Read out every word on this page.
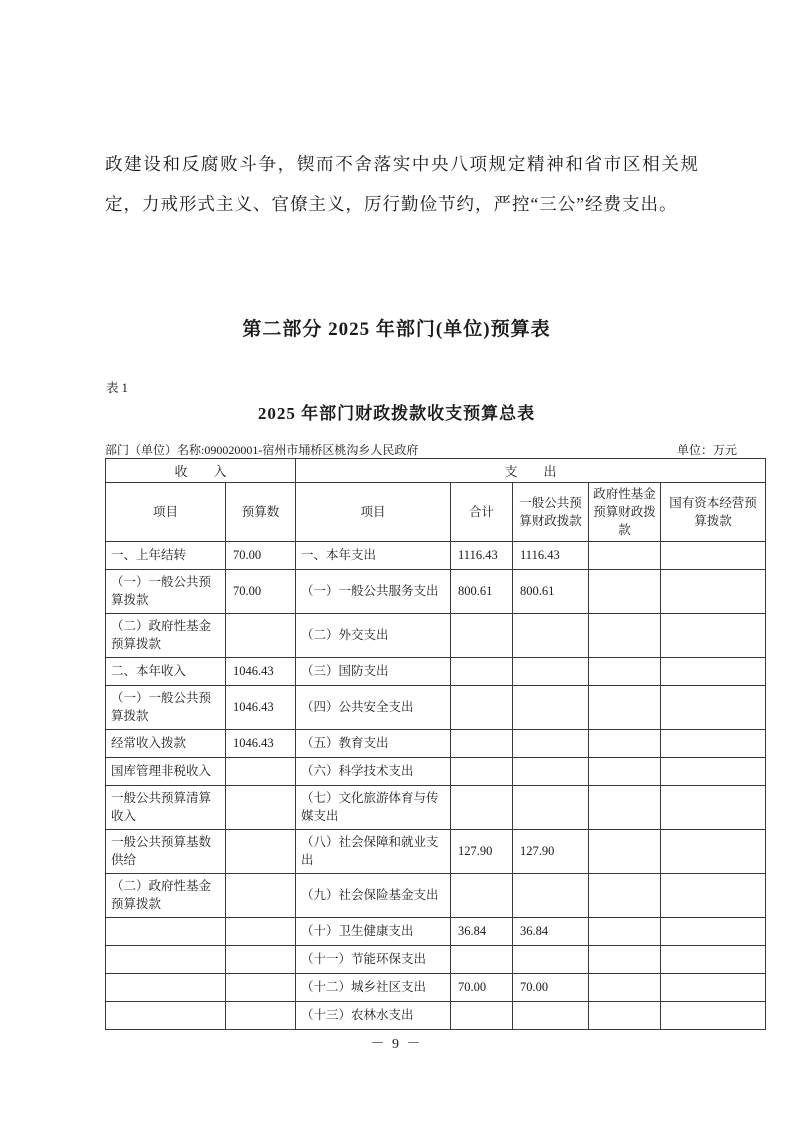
政建设和反腐败斗争，锲而不舍落实中央八项规定精神和省市区相关规定，力戒形式主义、官僚主义，厉行勤俭节约，严控“三公”经费支出。

第二部分 2025 年部门(单位)预算表
表 1
2025 年部门财政拨款收支预算总表
部门（单位）名称:090020001-宿州市埇桥区桃沟乡人民政府	单位：万元
收　　入		支　　出				
项目	预算数	项目	合计	一般公共预算财政拨款	政府性基金预算财政拨款	国有资本经营预算拨款
一、上年结转	70.00	一、本年支出	1116.43	1116.43		
（一）一般公共预算拨款	70.00	（一）一般公共服务支出	800.61	800.61		
（二）政府性基金预算拨款		（二）外交支出				
二、本年收入	1046.43	（三）国防支出				
（一）一般公共预算拨款	1046.43	（四）公共安全支出				
经常收入拨款	1046.43	（五）教育支出				
国库管理非税收入		（六）科学技术支出				
一般公共预算清算收入		（七）文化旅游体育与传媒支出				
一般公共预算基数供给		（八）社会保障和就业支出	127.90	127.90		
（二）政府性基金预算拨款		（九）社会保险基金支出				
		（十）卫生健康支出	36.84	36.84		
		（十一）节能环保支出				
		（十二）城乡社区支出	70.00	70.00		
		（十三）农林水支出				
－ 9 －
